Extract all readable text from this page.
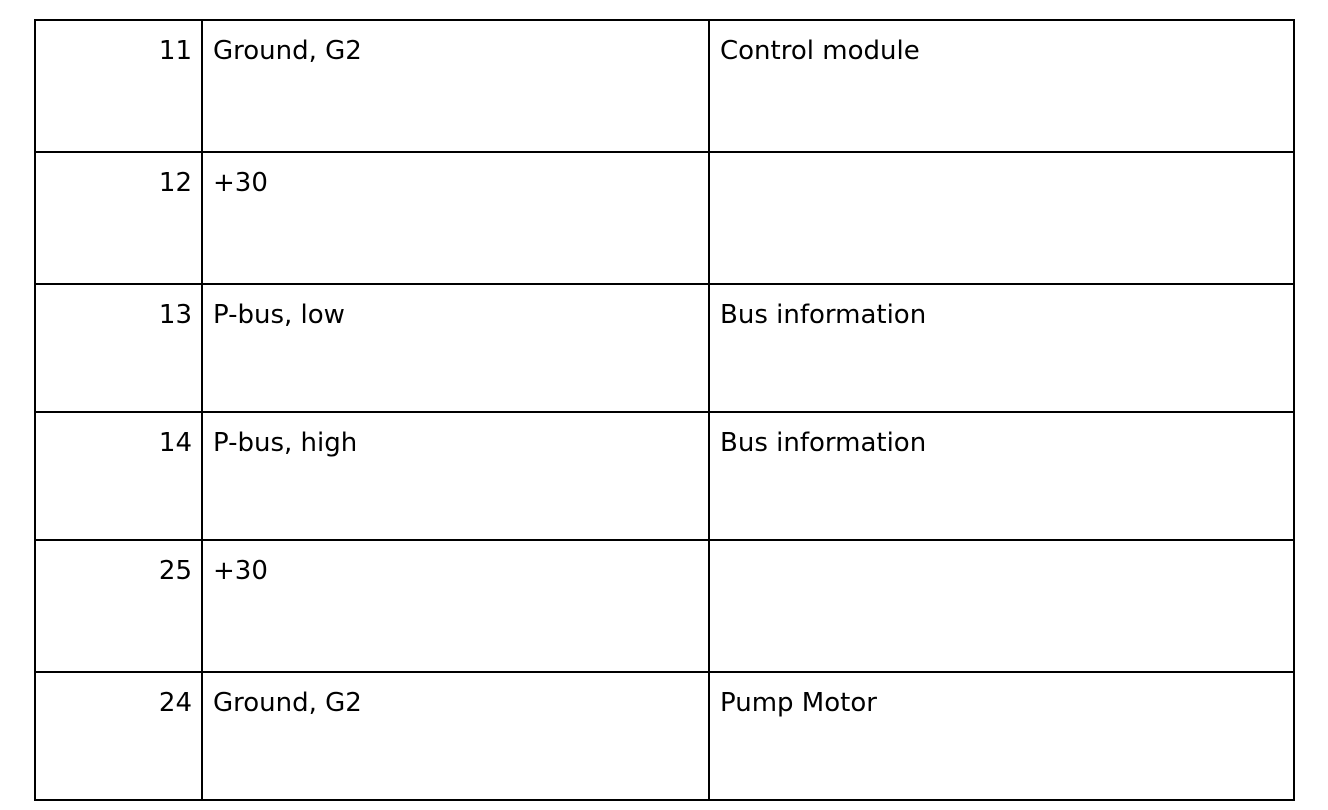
11	Ground, G2	Control module
12	+30	
13	P-bus, low	Bus information
14	P-bus, high	Bus information
25	+30	
24	Ground, G2	Pump Motor
